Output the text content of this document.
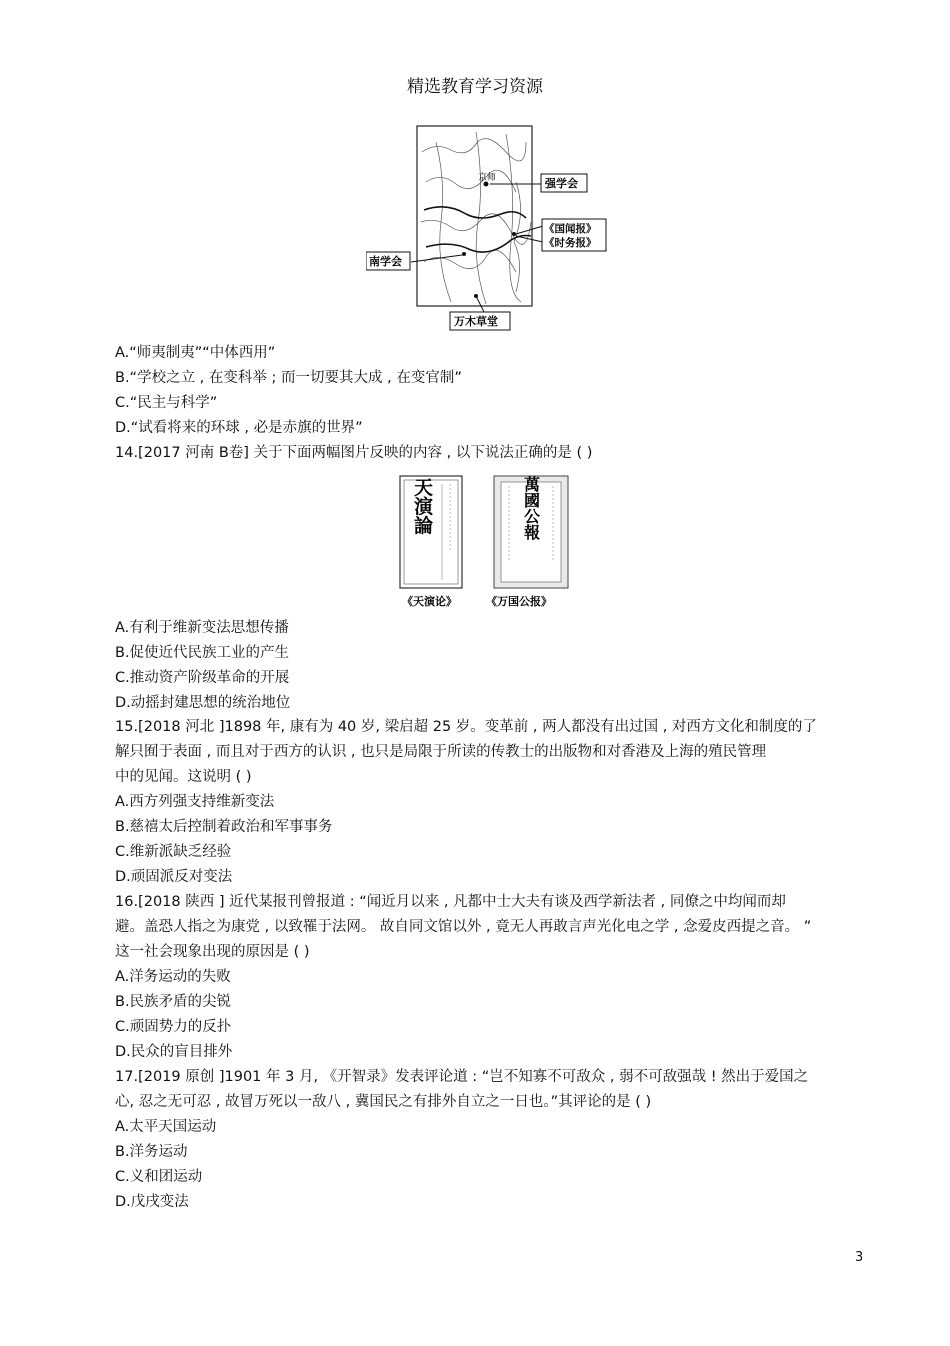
精选教育学习资源
京师	强学会
《国闻报》
《时务报》
南学会
万木草堂
A.“师夷制夷”“中体西用”
B.“学校之立 , 在变科举 ; 而一切要其大成 , 在变官制”
C.“民主与科学”
D.“试看将来的环球 , 必是赤旗的世界”
14.[2017 河南 B卷] 关于下面两幅图片反映的内容 , 以下说法正确的是 ( )
天演論	萬國公報
《天演论》	《万国公报》
A.有利于维新变法思想传播
B.促使近代民族工业的产生
C.推动资产阶级革命的开展
D.动摇封建思想的统治地位
15.[2018 河北 ]1898 年, 康有为 40 岁, 梁启超 25 岁。变革前 , 两人都没有出过国 , 对西方文化和制度的了
解只囿于表面 , 而且对于西方的认识 , 也只是局限于所读的传教士的出版物和对香港及上海的殖民管理
中的见闻。这说明 ( )
A.西方列强支持维新变法
B.慈禧太后控制着政治和军事事务
C.维新派缺乏经验
D.顽固派反对变法
16.[2018 陕西 ] 近代某报刊曾报道 : “闻近月以来 , 凡都中士大夫有谈及西学新法者 , 同僚之中均闻而却
避。盖恐人指之为康党 , 以致罹于法网。 故自同文馆以外 , 竟无人再敢言声光化电之学 , 念爱皮西提之音。 ”
这一社会现象出现的原因是 ( )
A.洋务运动的失败
B.民族矛盾的尖锐
C.顽固势力的反扑
D.民众的盲目排外
17.[2019 原创 ]1901 年 3 月, 《开智录》发表评论道 : “岂不知寡不可敌众 , 弱不可敌强哉 ! 然出于爱国之
心, 忍之无可忍 , 故冒万死以一敌八 , 冀国民之有排外自立之一日也。”其评论的是 ( )
A.太平天国运动
B.洋务运动
C.义和团运动
D.戊戌变法
3
